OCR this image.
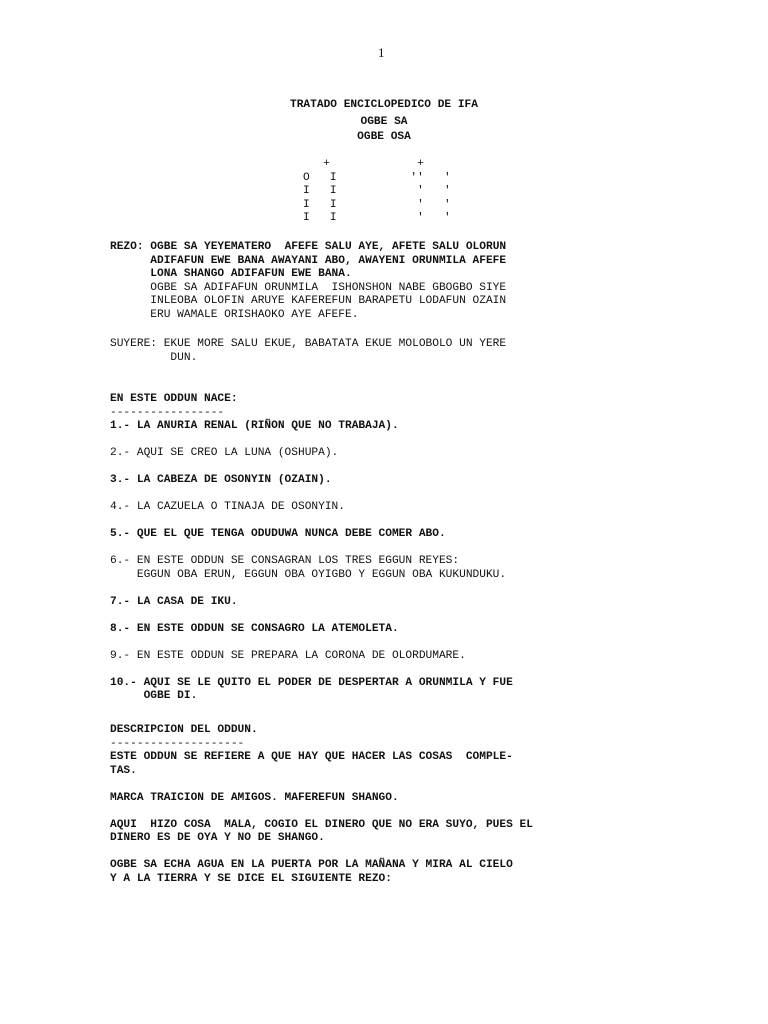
1
TRATADO ENCICLOPEDICO DE IFA
OGBE SA
OGBE OSA
+             +
O   I           ''   '
I   I            '   '
I   I            '   '
I   I            '   '
REZO: OGBE SA YEYEMATERO  AFEFE SALU AYE, AFETE SALU OLORUN
ADIFAFUN EWE BANA AWAYANI ABO, AWAYENI ORUNMILA AFEFE
LONA SHANGO ADIFAFUN EWE BANA.
OGBE SA ADIFAFUN ORUNMILA  ISHONSHON NABE GBOGBO SIYE
INLEOBA OLOFIN ARUYE KAFEREFUN BARAPETU LODAFUN OZAIN
ERU WAMALE ORISHAOKO AYE AFEFE.
SUYERE: EKUE MORE SALU EKUE, BABATATA EKUE MOLOBOLO UN YERE
DUN.
EN ESTE ODDUN NACE:
-----------------
1.- LA ANURIA RENAL (RIÑON QUE NO TRABAJA).
2.- AQUI SE CREO LA LUNA (OSHUPA).
3.- LA CABEZA DE OSONYIN (OZAIN).
4.- LA CAZUELA O TINAJA DE OSONYIN.
5.- QUE EL QUE TENGA ODUDUWA NUNCA DEBE COMER ABO.
6.- EN ESTE ODDUN SE CONSAGRAN LOS TRES EGGUN REYES:
EGGUN OBA ERUN, EGGUN OBA OYIGBO Y EGGUN OBA KUKUNDUKU.
7.- LA CASA DE IKU.
8.- EN ESTE ODDUN SE CONSAGRO LA ATEMOLETA.
9.- EN ESTE ODDUN SE PREPARA LA CORONA DE OLORDUMARE.
10.- AQUI SE LE QUITO EL PODER DE DESPERTAR A ORUNMILA Y FUE
OGBE DI.
DESCRIPCION DEL ODDUN.
--------------------
ESTE ODDUN SE REFIERE A QUE HAY QUE HACER LAS COSAS  COMPLE-
TAS.
MARCA TRAICION DE AMIGOS. MAFEREFUN SHANGO.
AQUI  HIZO COSA  MALA, COGIO EL DINERO QUE NO ERA SUYO, PUES EL
DINERO ES DE OYA Y NO DE SHANGO.
OGBE SA ECHA AGUA EN LA PUERTA POR LA MAÑANA Y MIRA AL CIELO
Y A LA TIERRA Y SE DICE EL SIGUIENTE REZO:
